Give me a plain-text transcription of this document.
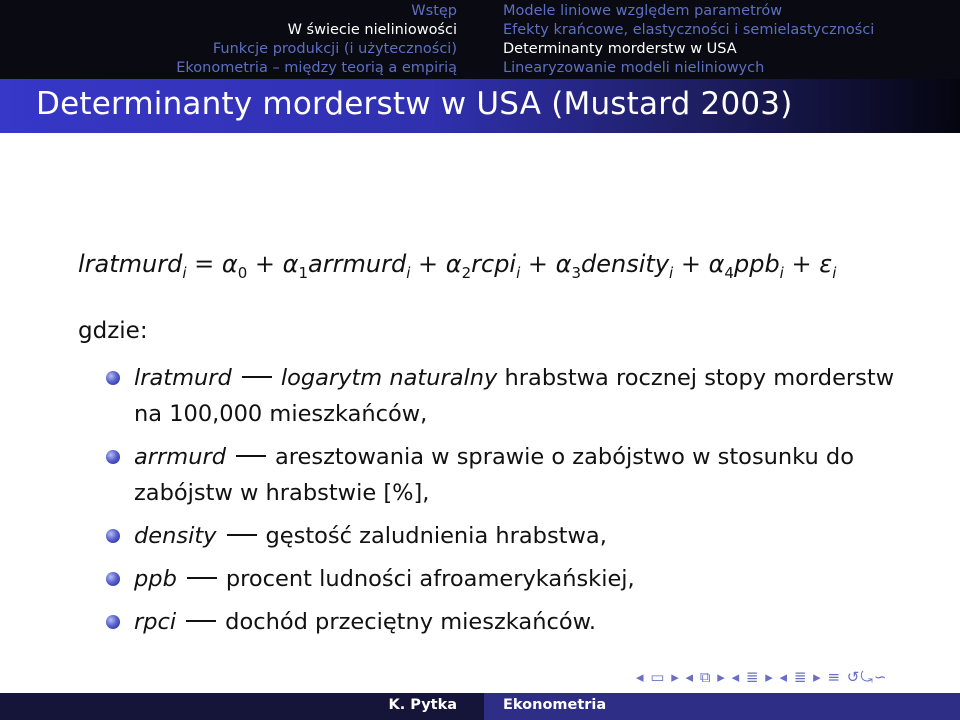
Wstęp
W świecie nieliniowości
Funkcje produkcji (i użyteczności)
Ekonometria – między teorią a empirią
Modele liniowe względem parametrów
Efekty krańcowe, elastyczności i semielastyczności
Determinanty morderstw w USA
Linearyzowanie modeli nieliniowych
Determinanty morderstw w USA (Mustard 2003)
lratmurd$_i$ = $\alpha_0$ + $\alpha_1arrmurd_i$ + $\alpha_2rcpi_i$ + $\alpha_3density_i + \alpha_4ppb_i + \varepsilon_i$
gdzie:
lratmurd logarytm naturalny hrabstwa rocznej stopy morderstw na 100,000 mieszkańców,
arrmurd aresztowania w sprawie o zabójstwo w stosunku do zabójstw w hrabstwie [%],
density gęstość zaludnienia hrabstwa,
ppb procent ludności afroamerykańskiej,
rpci dochód przeciętny mieszkańców.
◂ ▭ ▸ ◂ ⧉ ▸ ◂ ≣ ▸ ◂ ≣ ▸ ≡ ↺⤿∽
K. Pytka	Ekonometria
